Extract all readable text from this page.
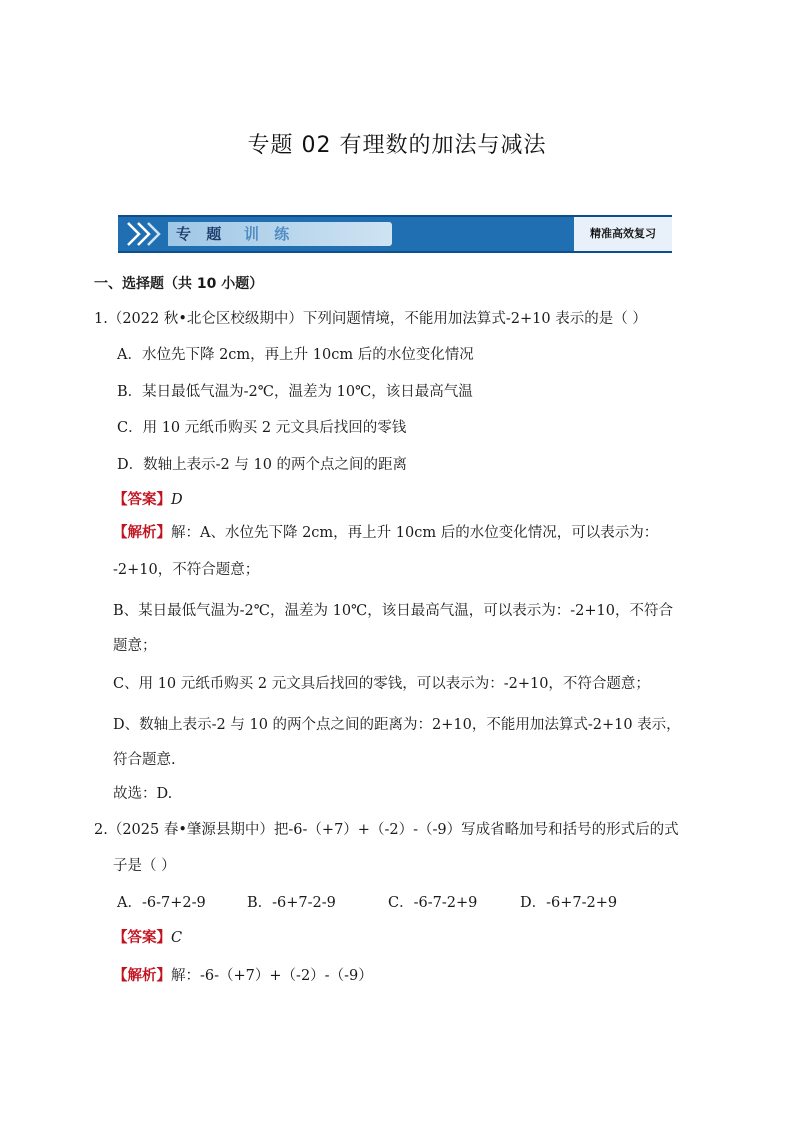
专题 02 有理数的加法与减法
专 题 训 练	精准高效复习
一、选择题（共 10 小题）
1.（2022 秋•北仑区校级期中）下列问题情境，不能用加法算式-2+10 表示的是（ ）
A．水位先下降 2cm，再上升 10cm 后的水位变化情况
B．某日最低气温为-2℃，温差为 10℃，该日最高气温
C．用 10 元纸币购买 2 元文具后找回的零钱
D．数轴上表示-2 与 10 的两个点之间的距离
【答案】D
【解析】解：A、水位先下降 2cm，再上升 10cm 后的水位变化情况，可以表示为：
-2+10，不符合题意；
B、某日最低气温为-2℃，温差为 10℃，该日最高气温，可以表示为：-2+10，不符合
题意；
C、用 10 元纸币购买 2 元文具后找回的零钱，可以表示为：-2+10，不符合题意；
D、数轴上表示-2 与 10 的两个点之间的距离为：2+10，不能用加法算式-2+10 表示，
符合题意.
故选：D.
2.（2025 春•肇源县期中）把-6-（+7）+（-2）-（-9）写成省略加号和括号的形式后的式
子是（ ）
A．-6-7+2-9	B．-6+7-2-9	C．-6-7-2+9	D．-6+7-2+9
【答案】C
【解析】解：-6-（+7）+（-2）-（-9）
